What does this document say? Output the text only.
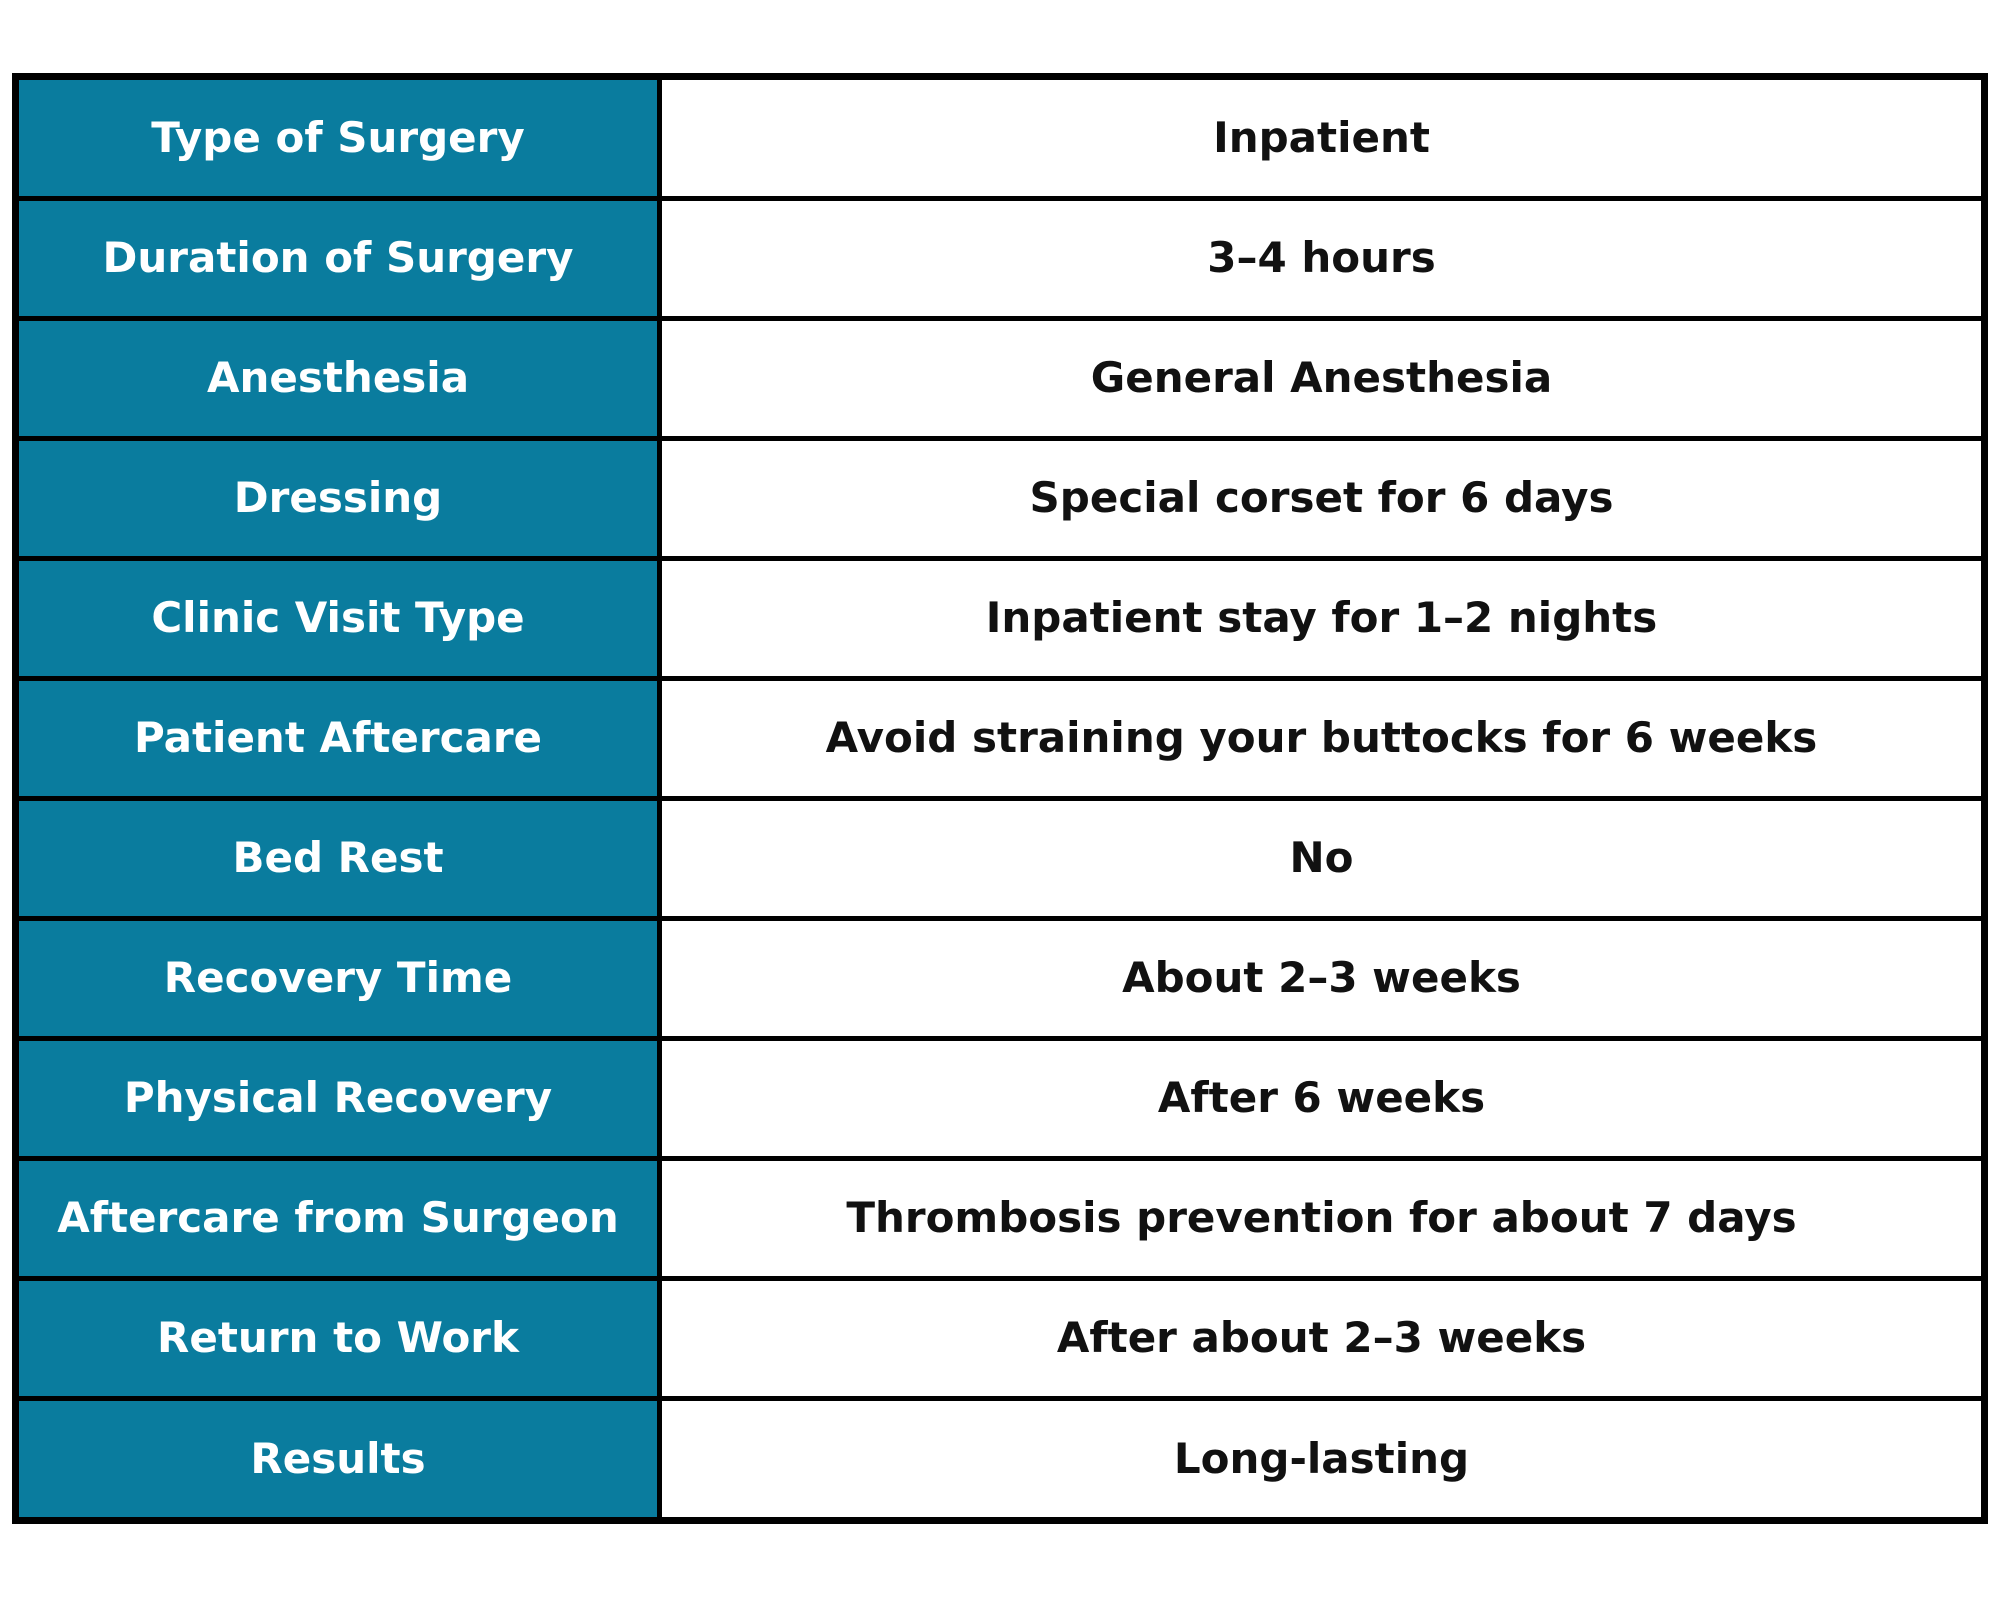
Type of Surgery	Inpatient
Duration of Surgery	3–4 hours
Anesthesia	General Anesthesia
Dressing	Special corset for 6 days
Clinic Visit Type	Inpatient stay for 1–2 nights
Patient Aftercare	Avoid straining your buttocks for 6 weeks
Bed Rest	No
Recovery Time	About 2–3 weeks
Physical Recovery	After 6 weeks
Aftercare from Surgeon	Thrombosis prevention for about 7 days
Return to Work	After about 2–3 weeks
Results	Long-lasting
